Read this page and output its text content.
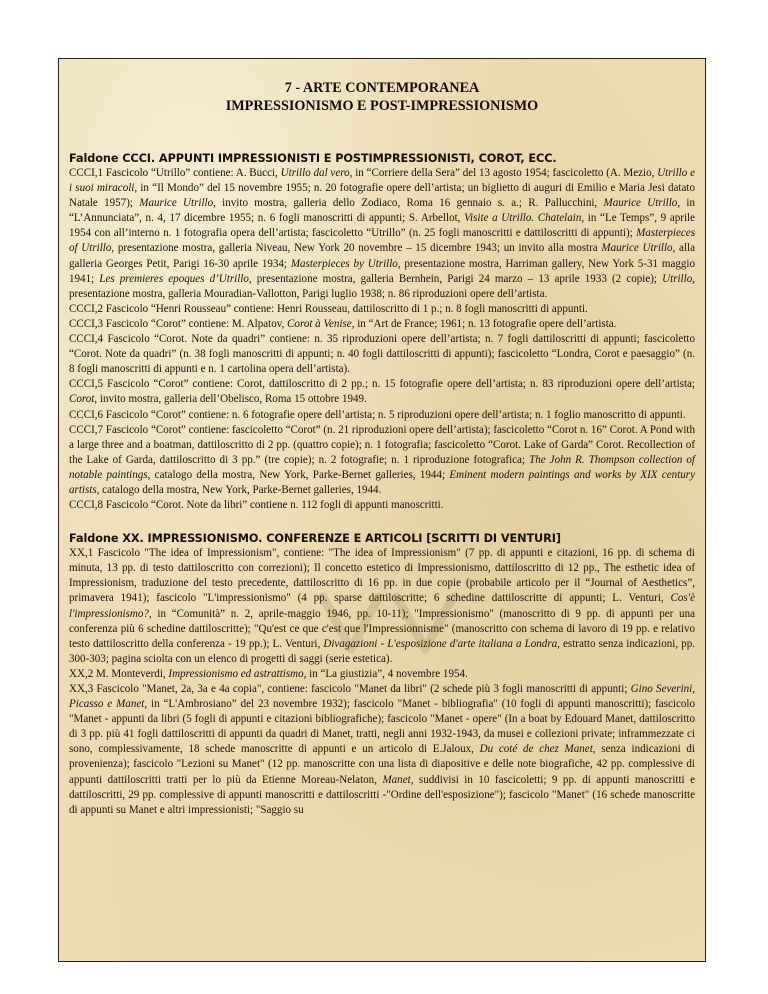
7 - ARTE CONTEMPORANEA
IMPRESSIONISMO E POST-IMPRESSIONISMO
Faldone CCCI. APPUNTI IMPRESSIONISTI E POSTIMPRESSIONISTI, COROT, ECC.

CCCI,1 Fascicolo “Utrillo” contiene: A. Bucci, Utrillo dal vero, in “Corriere della Sera” del 13 agosto 1954; fascicoletto (A. Mezio, Utrillo e i suoi miracoli, in “Il Mondo” del 15 novembre 1955; n. 20 fotografie opere dell’artista; un biglietto di auguri di Emilio e Maria Jesi datato Natale 1957); Maurice Utrillo, invito mostra, galleria dello Zodiaco, Roma 16 gennaio s. a.; R. Pallucchini, Maurice Utrillo, in “L’Annunciata”, n. 4, 17 dicembre 1955; n. 6 fogli manoscritti di appunti; S. Arbellot, Visite a Utrillo. Chatelain, in “Le Temps”, 9 aprile 1954 con all’interno n. 1 fotografia opera dell’artista; fascicoletto “Utrillo” (n. 25 fogli manoscritti e dattiloscritti di appunti); Masterpieces of Utrillo, presentazione mostra, galleria Niveau, New York 20 novembre – 15 dicembre 1943; un invito alla mostra Maurice Utrillo, alla galleria Georges Petit, Parigi 16-30 aprile 1934; Masterpieces by Utrillo, presentazione mostra, Harriman gallery, New York 5-31 maggio 1941; Les premieres epoques d’Utrillo, presentazione mostra, galleria Bernhein, Parigi 24 marzo – 13 aprile 1933 (2 copie); Utrillo, presentazione mostra, galleria Mouradian-Vallotton, Parigi luglio 1938; n. 86 riproduzioni opere dell’artista.

CCCI,2 Fascicolo “Henri Rousseau” contiene: Henri Rousseau, dattiloscritto di 1 p.; n. 8 fogli manoscritti di appunti.

CCCI,3 Fascicolo “Corot” contiene: M. Alpatov, Corot à Venise, in “Art de France; 1961; n. 13 fotografie opere dell’artista.

CCCI,4 Fascicolo “Corot. Note da quadri” contiene: n. 35 riproduzioni opere dell’artista; n. 7 fogli dattiloscritti di appunti; fascicoletto “Corot. Note da quadri” (n. 38 fogli manoscritti di appunti; n. 40 fogli dattiloscritti di appunti); fascicoletto “Londra, Corot e paesaggio” (n. 8 fogli manoscritti di appunti e n. 1 cartolina opera dell’artista).

CCCI,5 Fascicolo “Corot” contiene: Corot, dattiloscritto di 2 pp.; n. 15 fotografie opere dell’artista; n. 83 riproduzioni opere dell’artista; Corot, invito mostra, galleria dell’Obelisco, Roma 15 ottobre 1949.

CCCI,6 Fascicolo “Corot” contiene: n. 6 fotografie opere dell’artista; n. 5 riproduzioni opere dell’artista; n. 1 foglio manoscritto di appunti.

CCCI,7 Fascicolo “Corot” contiene: fascicoletto “Corot” (n. 21 riproduzioni opere dell’artista); fascicoletto “Corot n. 16” Corot. A Pond with a large three and a boatman, dattiloscritto di 2 pp. (quattro copie); n. 1 fotografia; fascicoletto “Corot. Lake of Garda” Corot. Recollection of the Lake of Garda, dattiloscritto di 3 pp.” (tre copie); n. 2 fotografie; n. 1 riproduzione fotografica; The John R. Thompson collection of notable paintings, catalogo della mostra, New York, Parke-Bernet galleries, 1944; Eminent modern paintings and works by XIX century artists, catalogo della mostra, New York, Parke-Bernet galleries, 1944.

CCCI,8 Fascicolo “Corot. Note da libri” contiene n. 112 fogli di appunti manoscritti.

Faldone XX. IMPRESSIONISMO. CONFERENZE E ARTICOLI [SCRITTI DI VENTURI]

XX,1 Fascicolo "The idea of Impressionism", contiene: "The idea of Impressionism" (7 pp. di appunti e citazioni, 16 pp. di schema di minuta, 13 pp. di testo dattiloscritto con correzioni); Il concetto estetico di Impressionismo, dattiloscritto di 12 pp., The esthetic idea of Impressionism, traduzione del testo precedente, dattiloscritto di 16 pp. in due copie (probabile articolo per il “Journal of Aesthetics”, primavera 1941); fascicolo "L'impressionismo" (4 pp. sparse dattiloscritte; 6 schedine dattiloscritte di appunti; L. Venturi, Cos'è l'impressionismo?, in “Comunità” n. 2, aprile-maggio 1946, pp. 10-11); "Impressionismo" (manoscritto di 9 pp. di appunti per una conferenza più 6 schedine dattiloscritte); "Qu'est ce que c'est que l'Impressionnisme" (manoscritto con schema di lavoro di 19 pp. e relativo testo dattiloscritto della conferenza - 19 pp.); L. Venturi, Divagazioni - L'esposizione d'arte italiana a Londra, estratto senza indicazioni, pp. 300-303; pagina sciolta con un elenco di progetti di saggi (serie estetica).

XX,2 M. Monteverdi, Impressionismo ed astrattismo, in “La giustizia”, 4 novembre 1954.

XX,3 Fascicolo "Manet, 2a, 3a e 4a copia", contiene: fascicolo "Manet da libri" (2 schede più 3 fogli manoscritti di appunti; Gino Severini, Picasso e Manet, in “L'Ambrosiano” del 23 novembre 1932); fascicolo "Manet - bibliografia" (10 fogli di appunti manoscritti); fascicolo "Manet - appunti da libri (5 fogli di appunti e citazioni bibliografiche); fascicolo "Manet - opere" (In a boat by Edouard Manet, dattiloscritto di 3 pp. più 41 fogli dattiloscritti di appunti da quadri di Manet, tratti, negli anni 1932-1943, da musei e collezioni private; inframmezzate ci sono, complessivamente, 18 schede manoscritte di appunti e un articolo di E.Jaloux, Du coté de chez Manet, senza indicazioni di provenienza); fascicolo "Lezioni su Manet" (12 pp. manoscritte con una lista di diapositive e delle note biografiche, 42 pp. complessive di appunti dattiloscritti tratti per lo più da Etienne Moreau-Nelaton, Manet, suddivisi in 10 fascicoletti; 9 pp. di appunti manoscritti e dattiloscritti, 29 pp. complessive di appunti manoscritti e dattiloscritti -"Ordine dell'esposizione"); fascicolo "Manet" (16 schede manoscritte di appunti su Manet e altri impressionisti; "Saggio su
